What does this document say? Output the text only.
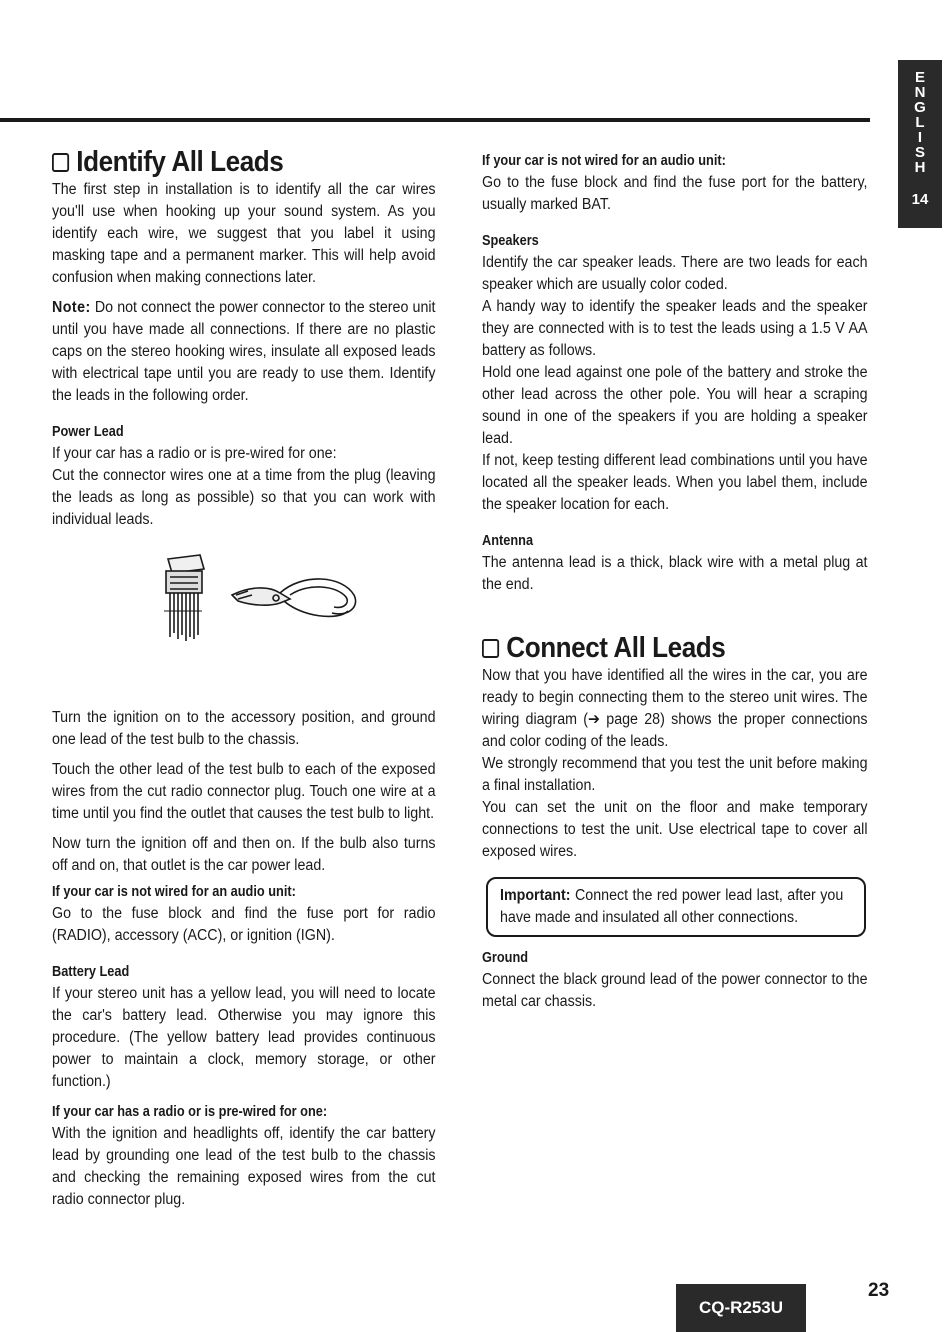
E
N
G
L
I
S
H
14
Identify All Leads

The first step in installation is to identify all the car wires you'll use when hooking up your sound system. As you identify each wire, we suggest that you label it using masking tape and a permanent marker. This will help avoid confusion when making connections later.

Note: Do not connect the power connector to the stereo unit until you have made all connections. If there are no plastic caps on the stereo hooking wires, insulate all exposed leads with electrical tape until you are ready to use them. Identify the leads in the following order.

Power Lead

If your car has a radio or is pre-wired for one:

Cut the connector wires one at a time from the plug (leaving the leads as long as possible) so that you can work with individual leads.

Turn the ignition on to the accessory position, and ground one lead of the test bulb to the chassis.

Touch the other lead of the test bulb to each of the exposed wires from the cut radio connector plug. Touch one wire at a time until you find the outlet that causes the test bulb to light.

Now turn the ignition off and then on. If the bulb also turns off and on, that outlet is the car power lead.

If your car is not wired for an audio unit:

Go to the fuse block and find the fuse port for radio (RADIO), accessory (ACC), or ignition (IGN).

Battery Lead

If your stereo unit has a yellow lead, you will need to locate the car's battery lead. Otherwise you may ignore this procedure. (The yellow battery lead provides continuous power to maintain a clock, memory storage, or other function.)

If your car has a radio or is pre-wired for one:

With the ignition and headlights off, identify the car battery lead by grounding one lead of the test bulb to the chassis and checking the remaining exposed wires from the cut radio connector plug.

If your car is not wired for an audio unit:

Go to the fuse block and find the fuse port for the battery, usually marked BAT.

Speakers

Identify the car speaker leads. There are two leads for each speaker which are usually color coded.

A handy way to identify the speaker leads and the speaker they are connected with is to test the leads using a 1.5 V AA battery as follows.

Hold one lead against one pole of the battery and stroke the other lead across the other pole. You will hear a scraping sound in one of the speakers if you are holding a speaker lead.

If not, keep testing different lead combinations until you have located all the speaker leads. When you label them, include the speaker location for each.

Antenna

The antenna lead is a thick, black wire with a metal plug at the end.

Connect All Leads

Now that you have identified all the wires in the car, you are ready to begin connecting them to the stereo unit wires. The wiring diagram (➔ page 28) shows the proper connections and color coding of the leads.

We strongly recommend that you test the unit before making a final installation.

You can set the unit on the floor and make temporary connections to test the unit. Use electrical tape to cover all exposed wires.

Important: Connect the red power lead last, after you have made and insulated all other connections.

Ground

Connect the black ground lead of the power connector to the metal car chassis.

CQ-R253U
23
